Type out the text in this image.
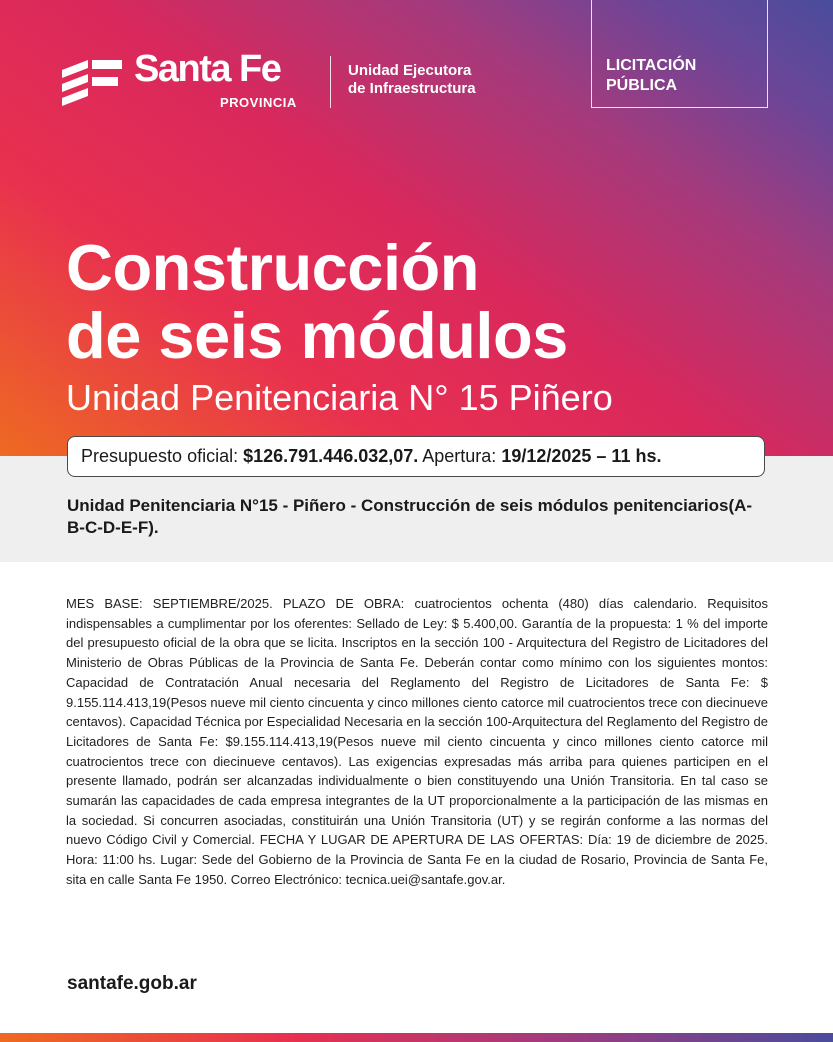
Santa Fe
PROVINCIA
Unidad Ejecutora
de Infraestructura
LICITACIÓN
PÚBLICA
Construcción
de seis módulos
Unidad Penitenciaria N° 15 Piñero
Presupuesto oficial: $126.791.446.032,07. Apertura: 19/12/2025 – 11 hs.
Unidad Penitenciaria N°15 - Piñero - Construcción de seis módulos penitenciarios(A-B-C-D-E-F).
MES BASE: SEPTIEMBRE/2025. PLAZO DE OBRA: cuatrocientos ochenta (480) días calendario. Requisitos indispensables a cumplimentar por los oferentes: Sellado de Ley: $ 5.400,00. Garantía de la propuesta: 1 % del importe del presupuesto oficial de la obra que se licita. Inscriptos en la sección 100 - Arquitectura del Registro de Licitadores del Ministerio de Obras Públicas de la Provincia de Santa Fe. Deberán contar como mínimo con los siguientes montos: Capacidad de Contratación Anual necesaria del Reglamento del Registro de Licitadores de Santa Fe: $ 9.155.114.413,19(Pesos nueve mil ciento cincuenta y cinco millones ciento catorce mil cuatrocientos trece con diecinueve centavos). Capacidad Técnica por Especialidad Necesaria en la sección 100-Arquitectura del Reglamento del Registro de Licitadores de Santa Fe: $9.155.114.413,19(Pesos nueve mil ciento cincuenta y cinco millones ciento catorce mil cuatrocientos trece con diecinueve centavos). Las exigencias expresadas más arriba para quienes participen en el presente llamado, podrán ser alcanzadas individualmente o bien constituyendo una Unión Transitoria. En tal caso se sumarán las capacidades de cada empresa integrantes de la UT proporcionalmente a la participación de las mismas en la sociedad. Si concurren asociadas, constituirán una Unión Transitoria (UT) y se regirán conforme a las normas del nuevo Código Civil y Comercial. FECHA Y LUGAR DE APERTURA DE LAS OFERTAS: Día: 19 de diciembre de 2025. Hora: 11:00 hs. Lugar: Sede del Gobierno de la Provincia de Santa Fe en la ciudad de Rosario, Provincia de Santa Fe, sita en calle Santa Fe 1950. Correo Electrónico: tecnica.uei@santafe.gov.ar.
santafe.gob.ar
